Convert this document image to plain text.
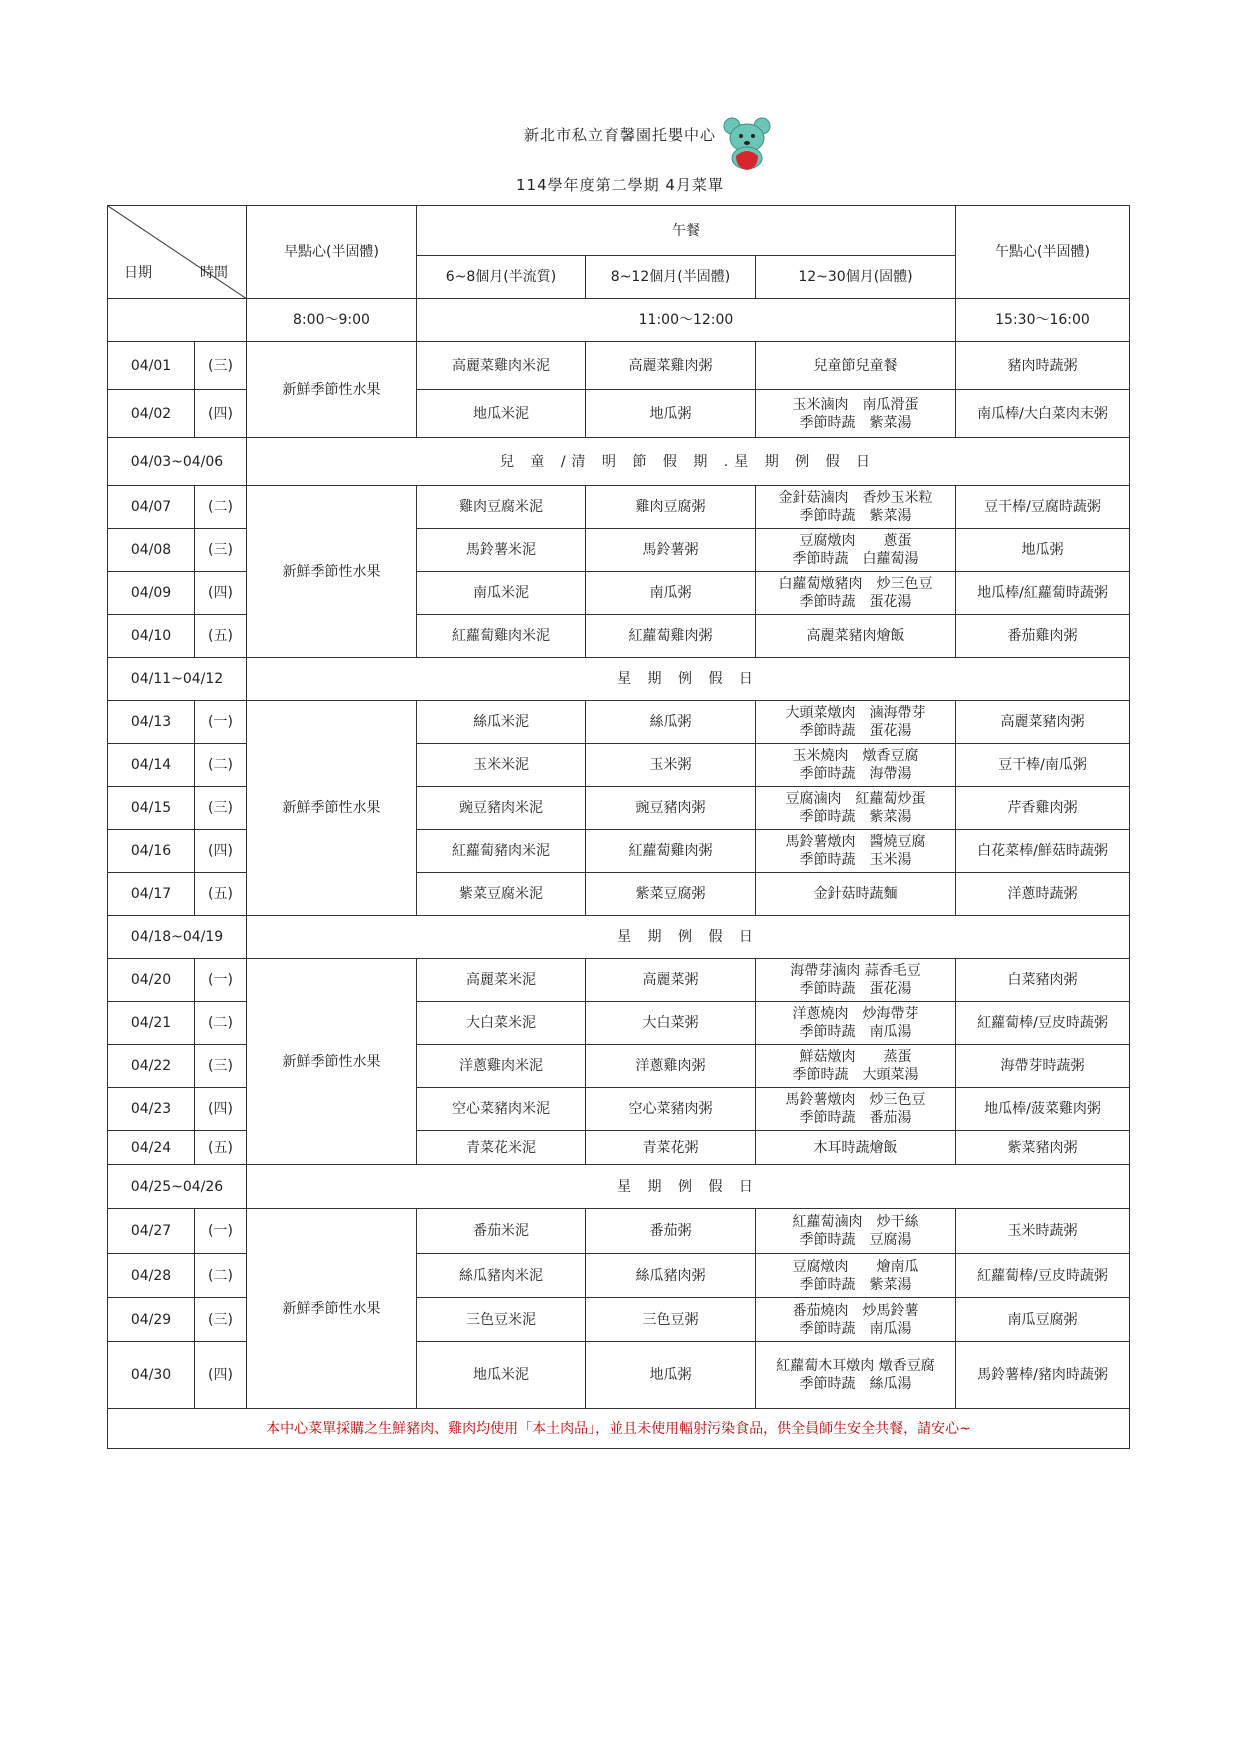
新北市私立育馨園托嬰中心
114學年度第二學期 4月菜單
日期 時間		早點心(半固體)	午餐			午點心(半固體)
			6~8個月(半流質)	8~12個月(半固體)	12~30個月(固體)	
		8:00～9:00	11:00～12:00			15:30～16:00
04/01	(三)	新鮮季節性水果	高麗菜雞肉米泥	高麗菜雞肉粥	兒童節兒童餐	豬肉時蔬粥
04/02	(四)		地瓜米泥	地瓜粥	玉米滷肉　南瓜滑蛋
季節時蔬　紫菜湯	南瓜棒/大白菜肉末粥
04/03~04/06		兒 童 /清 明 節 假 期 .星 期 例 假 日				
04/07	(二)	新鮮季節性水果	雞肉豆腐米泥	雞肉豆腐粥	金針菇滷肉　香炒玉米粒
季節時蔬　紫菜湯	豆干棒/豆腐時蔬粥
04/08	(三)		馬鈴薯米泥	馬鈴薯粥	豆腐燉肉　　蔥蛋
季節時蔬　白蘿蔔湯	地瓜粥
04/09	(四)		南瓜米泥	南瓜粥	白蘿蔔燉豬肉　炒三色豆
季節時蔬　蛋花湯	地瓜棒/紅蘿蔔時蔬粥
04/10	(五)		紅蘿蔔雞肉米泥	紅蘿蔔雞肉粥	高麗菜豬肉燴飯	番茄雞肉粥
04/11~04/12		星 期 例 假 日				
04/13	(一)	新鮮季節性水果	絲瓜米泥	絲瓜粥	大頭菜燉肉　滷海帶芽
季節時蔬　蛋花湯	高麗菜豬肉粥
04/14	(二)		玉米米泥	玉米粥	玉米燒肉　燉香豆腐
季節時蔬　海帶湯	豆干棒/南瓜粥
04/15	(三)		豌豆豬肉米泥	豌豆豬肉粥	豆腐滷肉　紅蘿蔔炒蛋
季節時蔬　紫菜湯	芹香雞肉粥
04/16	(四)		紅蘿蔔豬肉米泥	紅蘿蔔雞肉粥	馬鈴薯燉肉　醬燒豆腐
季節時蔬　玉米湯	白花菜棒/鮮菇時蔬粥
04/17	(五)		紫菜豆腐米泥	紫菜豆腐粥	金針菇時蔬麵	洋蔥時蔬粥
04/18~04/19		星 期 例 假 日				
04/20	(一)	新鮮季節性水果	高麗菜米泥	高麗菜粥	海帶芽滷肉 蒜香毛豆
季節時蔬　蛋花湯	白菜豬肉粥
04/21	(二)		大白菜米泥	大白菜粥	洋蔥燒肉　炒海帶芽
季節時蔬　南瓜湯	紅蘿蔔棒/豆皮時蔬粥
04/22	(三)		洋蔥雞肉米泥	洋蔥雞肉粥	鮮菇燉肉　　蒸蛋
季節時蔬　大頭菜湯	海帶芽時蔬粥
04/23	(四)		空心菜豬肉米泥	空心菜豬肉粥	馬鈴薯燉肉　炒三色豆
季節時蔬　番茄湯	地瓜棒/菠菜雞肉粥
04/24	(五)		青菜花米泥	青菜花粥	木耳時蔬燴飯	紫菜豬肉粥
04/25~04/26		星 期 例 假 日				
04/27	(一)	新鮮季節性水果	番茄米泥	番茄粥	紅蘿蔔滷肉　炒干絲
季節時蔬　豆腐湯	玉米時蔬粥
04/28	(二)		絲瓜豬肉米泥	絲瓜豬肉粥	豆腐燉肉　　燴南瓜
季節時蔬　紫菜湯	紅蘿蔔棒/豆皮時蔬粥
04/29	(三)		三色豆米泥	三色豆粥	番茄燒肉　炒馬鈴薯
季節時蔬　南瓜湯	南瓜豆腐粥
04/30	(四)		地瓜米泥	地瓜粥	紅蘿蔔木耳燉肉 燉香豆腐
季節時蔬　絲瓜湯	馬鈴薯棒/豬肉時蔬粥
本中心菜單採購之生鮮豬肉、雞肉均使用「本土肉品」，並且未使用輻射污染食品，供全員師生安全共餐，請安心~						
